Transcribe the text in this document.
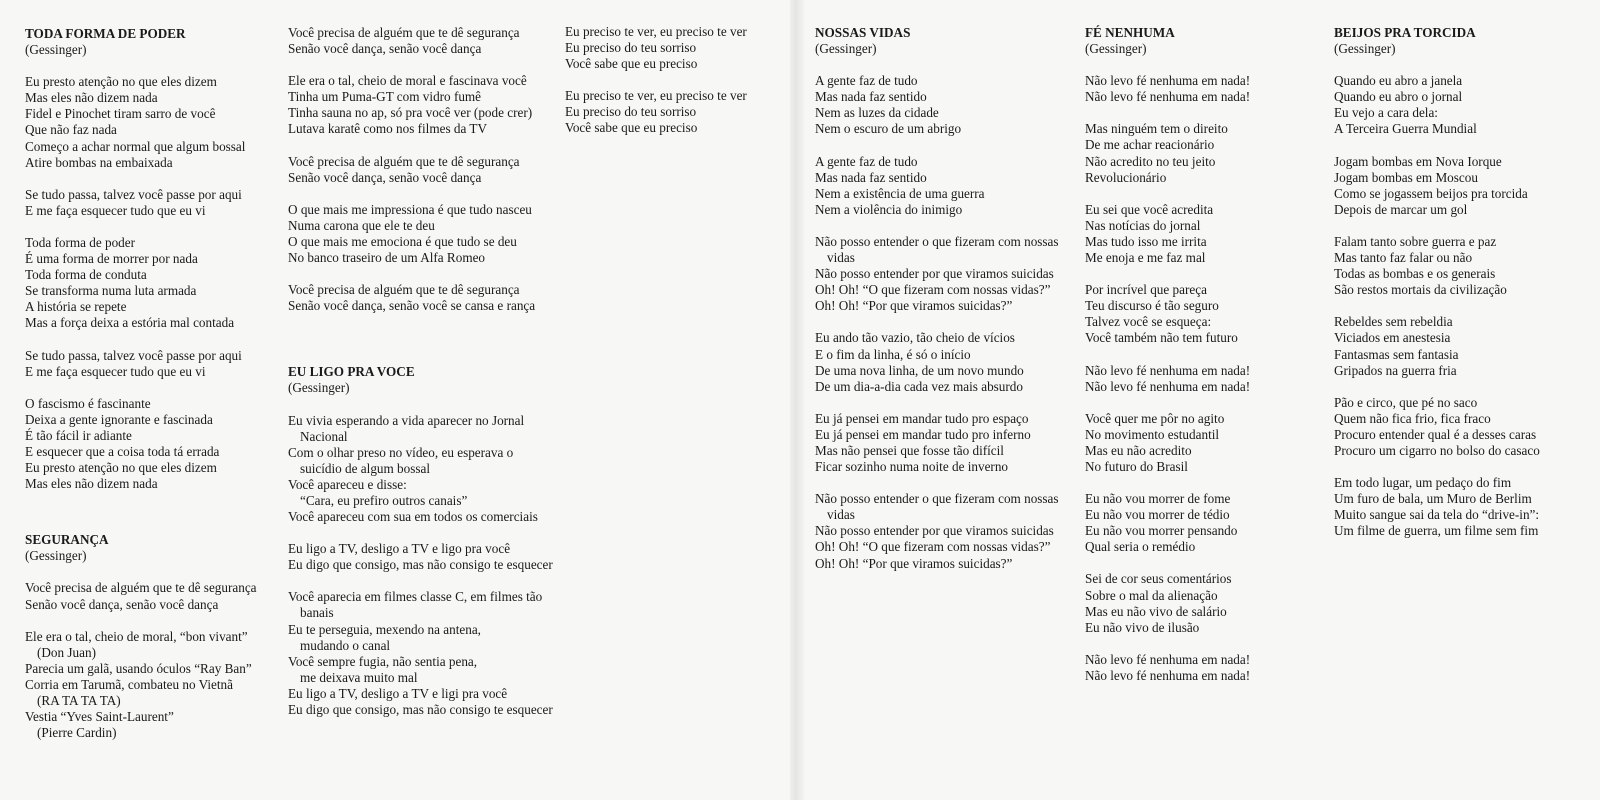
TODA FORMA DE PODER
(Gessinger)
Eu presto atenção no que eles dizem
Mas eles não dizem nada
Fidel e Pinochet tiram sarro de você
Que não faz nada
Começo a achar normal que algum bossal
Atire bombas na embaixada
Se tudo passa, talvez você passe por aqui
E me faça esquecer tudo que eu vi
Toda forma de poder
É uma forma de morrer por nada
Toda forma de conduta
Se transforma numa luta armada
A história se repete
Mas a força deixa a estória mal contada
Se tudo passa, talvez você passe por aqui
E me faça esquecer tudo que eu vi
O fascismo é fascinante
Deixa a gente ignorante e fascinada
É tão fácil ir adiante
E esquecer que a coisa toda tá errada
Eu presto atenção no que eles dizem
Mas eles não dizem nada
SEGURANÇA
(Gessinger)
Você precisa de alguém que te dê segurança
Senão você dança, senão você dança
Ele era o tal, cheio de moral, “bon vivant”
(Don Juan)
Parecia um galã, usando óculos “Ray Ban”
Corria em Tarumã, combateu no Vietnã
(RA TA TA TA)
Vestia “Yves Saint-Laurent”
(Pierre Cardin)
Você precisa de alguém que te dê segurança
Senão você dança, senão você dança
Ele era o tal, cheio de moral e fascinava você
Tinha um Puma-GT com vidro fumê
Tinha sauna no ap, só pra você ver (pode crer)
Lutava karatê como nos filmes da TV
Você precisa de alguém que te dê segurança
Senão você dança, senão você dança
O que mais me impressiona é que tudo nasceu
Numa carona que ele te deu
O que mais me emociona é que tudo se deu
No banco traseiro de um Alfa Romeo
Você precisa de alguém que te dê segurança
Senão você dança, senão você se cansa e rança
EU LIGO PRA VOCE
(Gessinger)
Eu vivia esperando a vida aparecer no Jornal
Nacional
Com o olhar preso no vídeo, eu esperava o
suicídio de algum bossal
Você apareceu e disse:
“Cara, eu prefiro outros canais”
Você apareceu com sua em todos os comerciais
Eu ligo a TV, desligo a TV e ligo pra você
Eu digo que consigo, mas não consigo te esquecer
Você aparecia em filmes classe C, em filmes tão
banais
Eu te perseguia, mexendo na antena,
mudando o canal
Você sempre fugia, não sentia pena,
me deixava muito mal
Eu ligo a TV, desligo a TV e ligi pra você
Eu digo que consigo, mas não consigo te esquecer
Eu preciso te ver, eu preciso te ver
Eu preciso do teu sorriso
Você sabe que eu preciso
Eu preciso te ver, eu preciso te ver
Eu preciso do teu sorriso
Você sabe que eu preciso
NOSSAS VIDAS
(Gessinger)
A gente faz de tudo
Mas nada faz sentido
Nem as luzes da cidade
Nem o escuro de um abrigo
A gente faz de tudo
Mas nada faz sentido
Nem a existência de uma guerra
Nem a violência do inimigo
Não posso entender o que fizeram com nossas
vidas
Não posso entender por que viramos suicidas
Oh! Oh! “O que fizeram com nossas vidas?”
Oh! Oh! “Por que viramos suicidas?”
Eu ando tão vazio, tão cheio de vícios
E o fim da linha, é só o início
De uma nova linha, de um novo mundo
De um dia-a-dia cada vez mais absurdo
Eu já pensei em mandar tudo pro espaço
Eu já pensei em mandar tudo pro inferno
Mas não pensei que fosse tão difícil
Ficar sozinho numa noite de inverno
Não posso entender o que fizeram com nossas
vidas
Não posso entender por que viramos suicidas
Oh! Oh! “O que fizeram com nossas vidas?”
Oh! Oh! “Por que viramos suicidas?”
FÉ NENHUMA
(Gessinger)
Não levo fé nenhuma em nada!
Não levo fé nenhuma em nada!
Mas ninguém tem o direito
De me achar reacionário
Não acredito no teu jeito
Revolucionário
Eu sei que você acredita
Nas notícias do jornal
Mas tudo isso me irrita
Me enoja e me faz mal
Por incrível que pareça
Teu discurso é tão seguro
Talvez você se esqueça:
Você também não tem futuro
Não levo fé nenhuma em nada!
Não levo fé nenhuma em nada!
Você quer me pôr no agito
No movimento estudantil
Mas eu não acredito
No futuro do Brasil
Eu não vou morrer de fome
Eu não vou morrer de tédio
Eu não vou morrer pensando
Qual seria o remédio
Sei de cor seus comentários
Sobre o mal da alienação
Mas eu não vivo de salário
Eu não vivo de ilusão
Não levo fé nenhuma em nada!
Não levo fé nenhuma em nada!
BEIJOS PRA TORCIDA
(Gessinger)
Quando eu abro a janela
Quando eu abro o jornal
Eu vejo a cara dela:
A Terceira Guerra Mundial
Jogam bombas em Nova Iorque
Jogam bombas em Moscou
Como se jogassem beijos pra torcida
Depois de marcar um gol
Falam tanto sobre guerra e paz
Mas tanto faz falar ou não
Todas as bombas e os generais
São restos mortais da civilização
Rebeldes sem rebeldia
Viciados em anestesia
Fantasmas sem fantasia
Gripados na guerra fria
Pão e circo, que pé no saco
Quem não fica frio, fica fraco
Procuro entender qual é a desses caras
Procuro um cigarro no bolso do casaco
Em todo lugar, um pedaço do fim
Um furo de bala, um Muro de Berlim
Muito sangue sai da tela do “drive-in”:
Um filme de guerra, um filme sem fim
